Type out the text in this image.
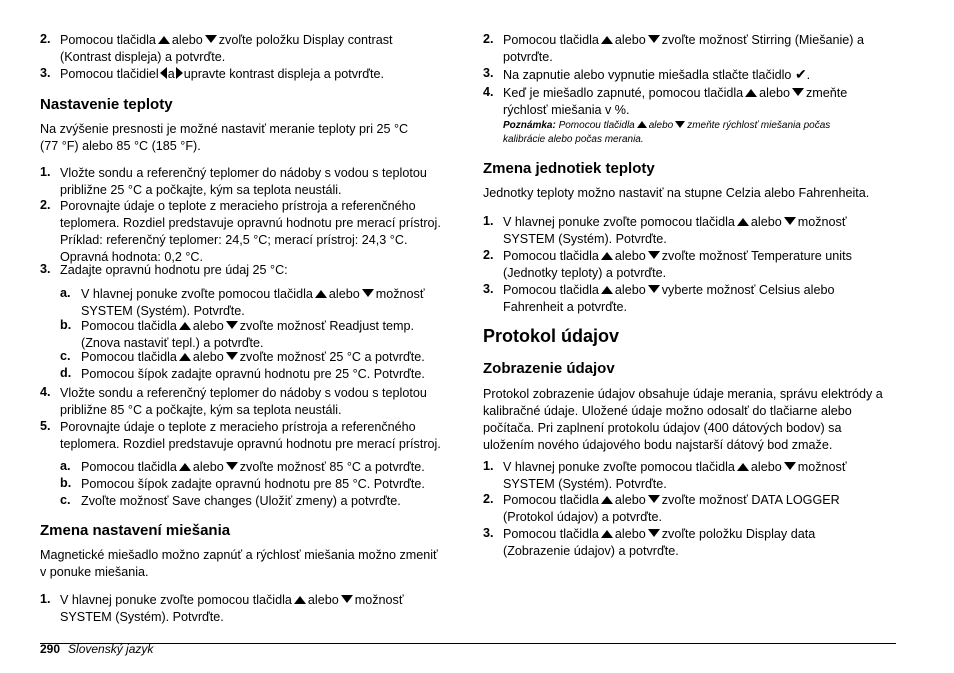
2. Pomocou tlačidla alebo zvoľte položku Display contrast
(Kontrast displeja) a potvrďte.
3. Pomocou tlačidiel a upravte kontrast displeja a potvrďte.
Nastavenie teploty
Na zvýšenie presnosti je možné nastaviť meranie teploty pri 25 °C
(77 °F) alebo 85 °C (185 °F).
1. Vložte sondu a referenčný teplomer do nádoby s vodou s teplotou
približne 25 °C a počkajte, kým sa teplota neustáli.
2. Porovnajte údaje o teplote z meracieho prístroja a referenčného
teplomera. Rozdiel predstavuje opravnú hodnotu pre merací prístroj.
Príklad: referenčný teplomer: 24,5 °C; merací prístroj: 24,3 °C.
Opravná hodnota: 0,2 °C.
3. Zadajte opravnú hodnotu pre údaj 25 °C:
a. V hlavnej ponuke zvoľte pomocou tlačidla alebo možnosť
SYSTEM (Systém). Potvrďte.
b. Pomocou tlačidla alebo zvoľte možnosť Readjust temp.
(Znova nastaviť tepl.) a potvrďte.
c. Pomocou tlačidla alebo zvoľte možnosť 25 °C a potvrďte.
d. Pomocou šípok zadajte opravnú hodnotu pre 25 °C. Potvrďte.
4. Vložte sondu a referenčný teplomer do nádoby s vodou s teplotou
približne 85 °C a počkajte, kým sa teplota neustáli.
5. Porovnajte údaje o teplote z meracieho prístroja a referenčného
teplomera. Rozdiel predstavuje opravnú hodnotu pre merací prístroj.
a. Pomocou tlačidla alebo zvoľte možnosť 85 °C a potvrďte.
b. Pomocou šípok zadajte opravnú hodnotu pre 85 °C. Potvrďte.
c. Zvoľte možnosť Save changes (Uložiť zmeny) a potvrďte.
Zmena nastavení miešania
Magnetické miešadlo možno zapnúť a rýchlosť miešania možno zmeniť
v ponuke miešania.
1. V hlavnej ponuke zvoľte pomocou tlačidla alebo možnosť
SYSTEM (Systém). Potvrďte.
2. Pomocou tlačidla alebo zvoľte možnosť Stirring (Miešanie) a
potvrďte.
3. Na zapnutie alebo vypnutie miešadla stlačte tlačidlo ✔.
4. Keď je miešadlo zapnuté, pomocou tlačidla alebo zmeňte
rýchlosť miešania v %.
Poznámka: Pomocou tlačidla alebo zmeňte rýchlosť miešania počas
kalibrácie alebo počas merania.
Zmena jednotiek teploty
Jednotky teploty možno nastaviť na stupne Celzia alebo Fahrenheita.
1. V hlavnej ponuke zvoľte pomocou tlačidla alebo možnosť
SYSTEM (Systém). Potvrďte.
2. Pomocou tlačidla alebo zvoľte možnosť Temperature units
(Jednotky teploty) a potvrďte.
3. Pomocou tlačidla alebo vyberte možnosť Celsius alebo
Fahrenheit a potvrďte.
Protokol údajov
Zobrazenie údajov
Protokol zobrazenie údajov obsahuje údaje merania, správu elektródy a
kalibračné údaje. Uložené údaje možno odosalť do tlačiarne alebo
počítača. Pri zaplnení protokolu údajov (400 dátových bodov) sa
uložením nového údajového bodu najstarší dátový bod zmaže.
1. V hlavnej ponuke zvoľte pomocou tlačidla alebo možnosť
SYSTEM (Systém). Potvrďte.
2. Pomocou tlačidla alebo zvoľte možnosť DATA LOGGER
(Protokol údajov) a potvrďte.
3. Pomocou tlačidla alebo zvoľte položku Display data
(Zobrazenie údajov) a potvrďte.
290 Slovenský jazyk
